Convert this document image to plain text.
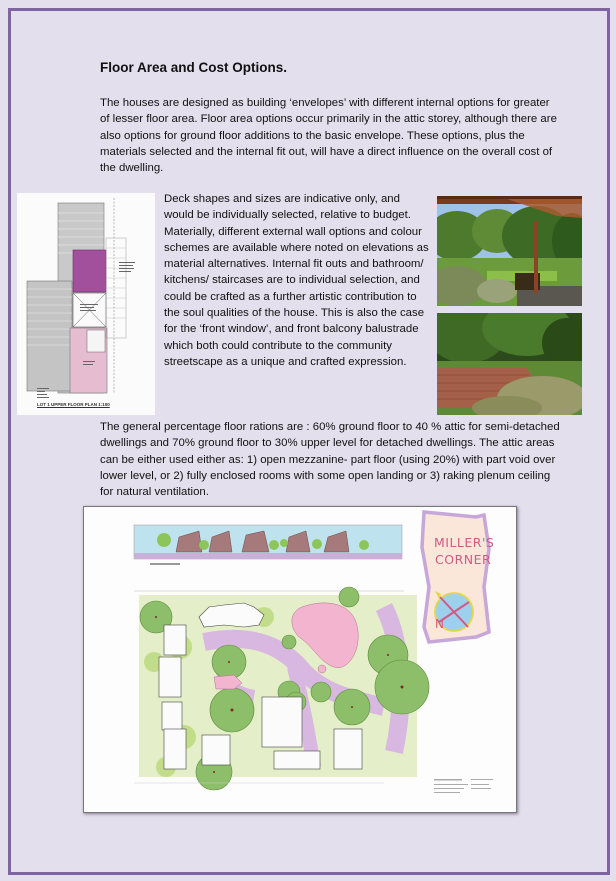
Floor Area and Cost Options.

The houses are designed as building ‘envelopes’ with different internal options for greater of lesser floor area. Floor area options occur primarily in the attic storey, although there are also options for ground floor additions to the basic envelope. These options, plus the materials selected and the internal fit out, will have a direct influence on the overall cost of the dwelling.

LOT 1 UPPER FLOOR PLAN 1:100

Deck shapes and sizes are indicative only, and would be individually selected, relative to budget. Materially, different external wall options and colour schemes are available where noted on elevations as material alternatives. Internal fit outs and bathroom/ kitchens/ staircases are to individual selection, and could be crafted as a further artistic contribution to the soul qualities of the house. This is also the case for the ‘front window’, and front balcony balustrade which both could contribute to the community streetscape as a unique and crafted expression.

The general percentage floor rations are : 60% ground floor to 40 % attic for semi-detached dwellings and 70% ground floor to 30% upper level for detached dwellings. The attic areas can be either used either as: 1) open mezzanine- part floor (using 20%) with part void over lower level, or 2) fully enclosed rooms with some open landing or 3) raking plenum ceiling for natural ventilation.

MILLER'S
CORNER
N
